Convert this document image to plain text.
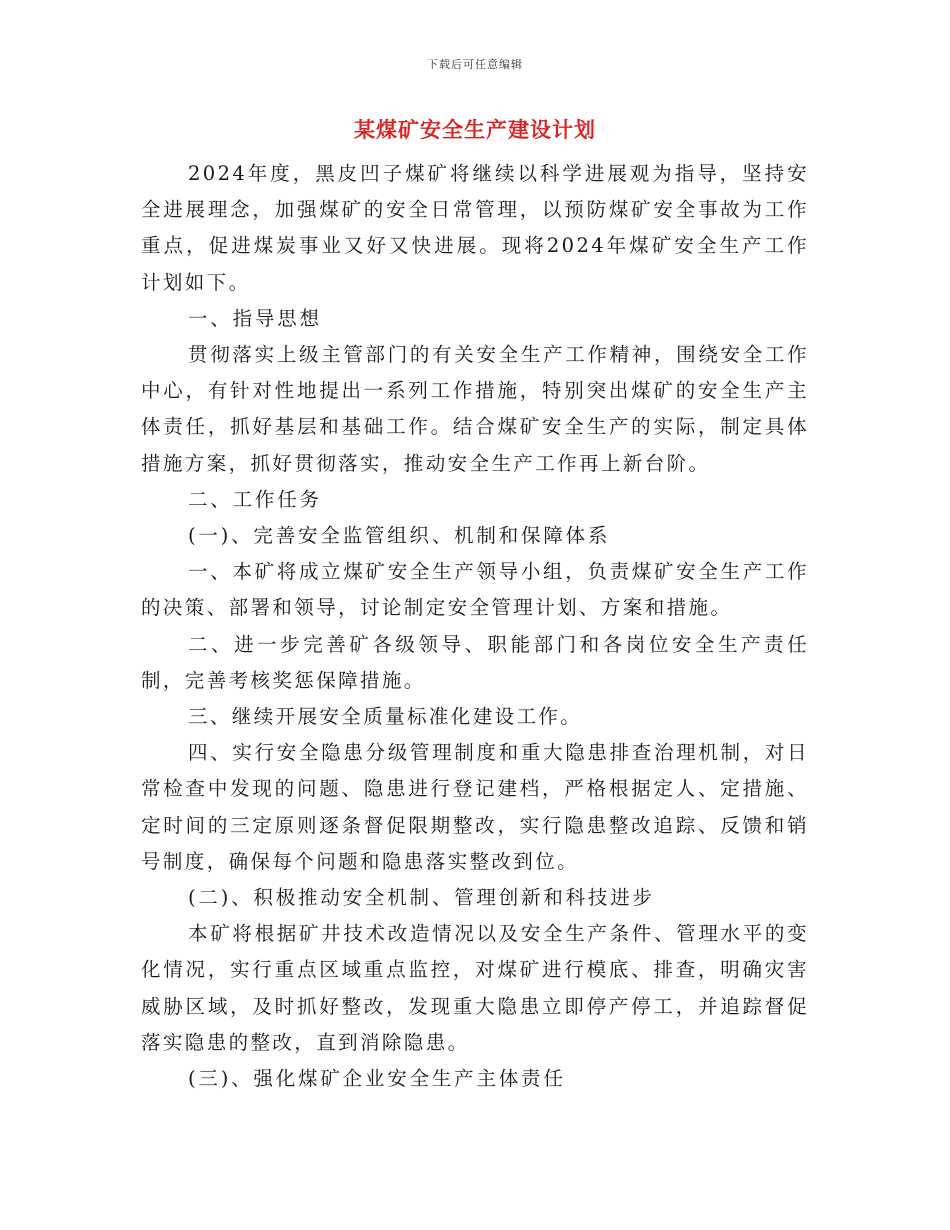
下载后可任意编辑
某煤矿安全生产建设计划

2024年度，黑皮凹子煤矿将继续以科学进展观为指导，坚持安全进展理念，加强煤矿的安全日常管理，以预防煤矿安全事故为工作重点，促进煤炭事业又好又快进展。现将2024年煤矿安全生产工作计划如下。

一、指导思想

贯彻落实上级主管部门的有关安全生产工作精神，围绕安全工作中心，有针对性地提出一系列工作措施，特别突出煤矿的安全生产主体责任，抓好基层和基础工作。结合煤矿安全生产的实际，制定具体措施方案，抓好贯彻落实，推动安全生产工作再上新台阶。

二、工作任务

(一)、完善安全监管组织、机制和保障体系

一、本矿将成立煤矿安全生产领导小组，负责煤矿安全生产工作的决策、部署和领导，讨论制定安全管理计划、方案和措施。

二、进一步完善矿各级领导、职能部门和各岗位安全生产责任制，完善考核奖惩保障措施。

三、继续开展安全质量标准化建设工作。

四、实行安全隐患分级管理制度和重大隐患排查治理机制，对日常检查中发现的问题、隐患进行登记建档，严格根据定人、定措施、定时间的三定原则逐条督促限期整改，实行隐患整改追踪、反馈和销号制度，确保每个问题和隐患落实整改到位。

(二)、积极推动安全机制、管理创新和科技进步

本矿将根据矿井技术改造情况以及安全生产条件、管理水平的变化情况，实行重点区域重点监控，对煤矿进行模底、排查，明确灾害威胁区域，及时抓好整改，发现重大隐患立即停产停工，并追踪督促落实隐患的整改，直到消除隐患。

(三)、强化煤矿企业安全生产主体责任
